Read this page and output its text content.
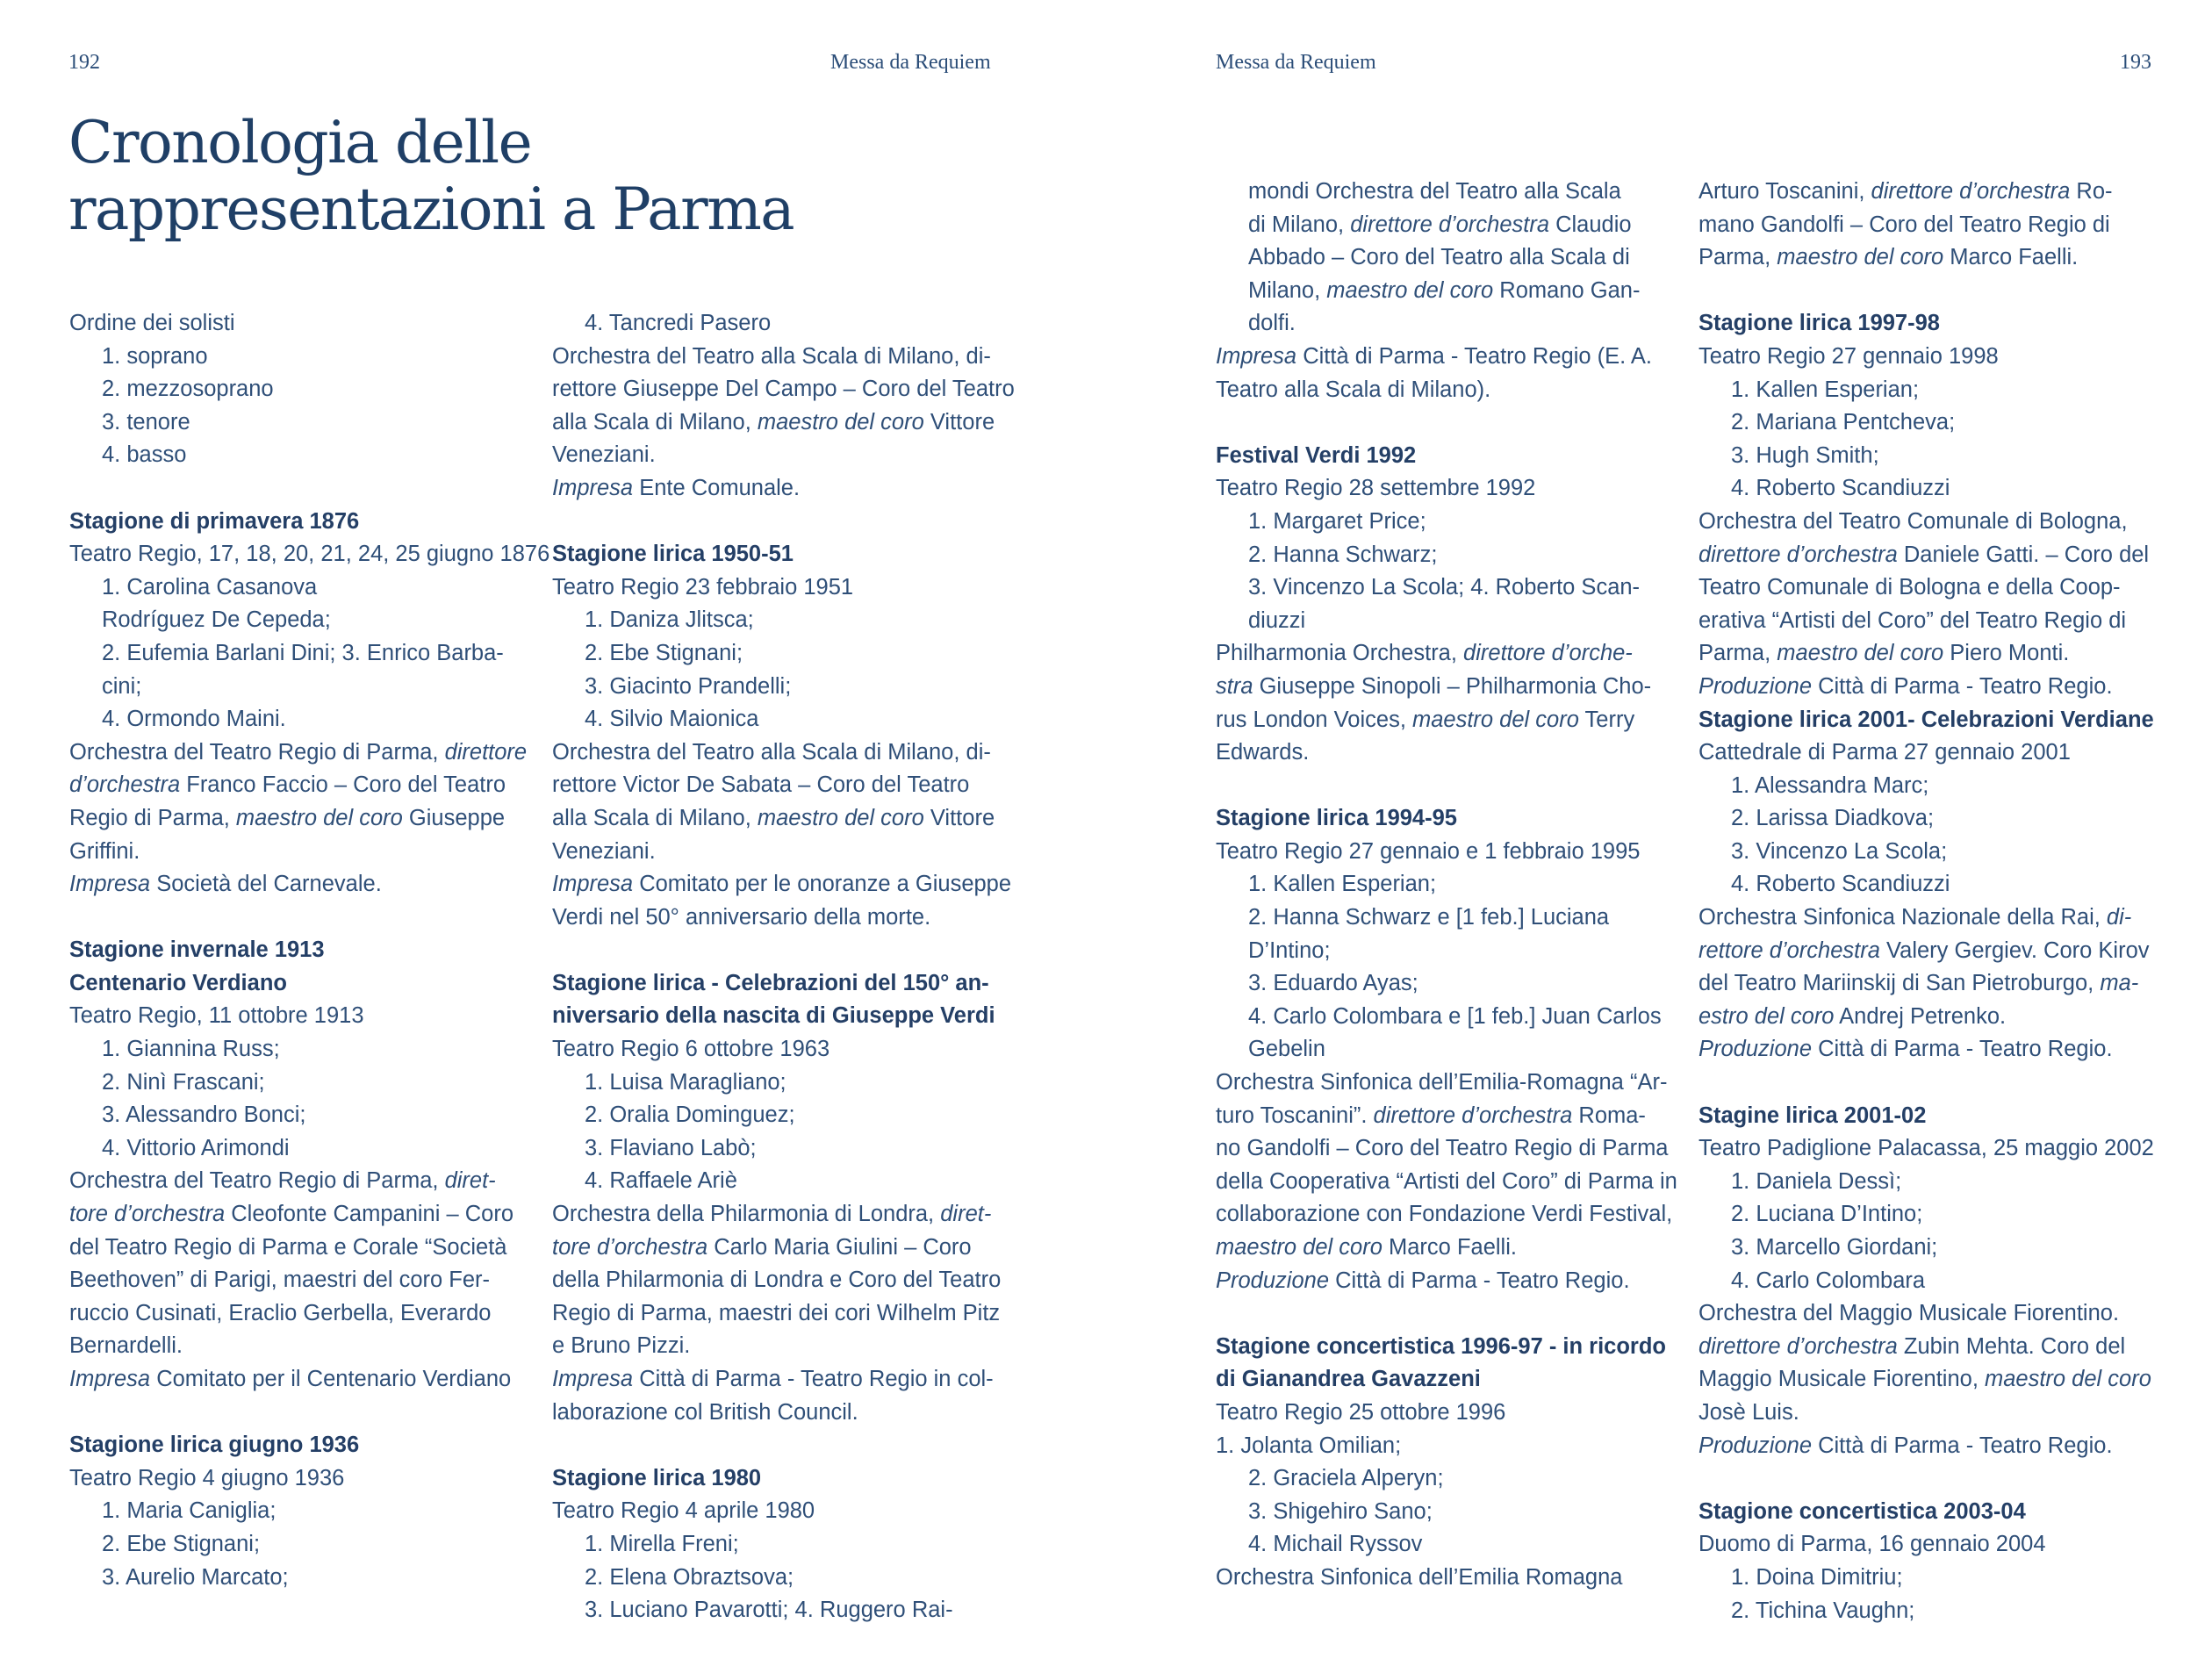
192	Messa da Requiem	Messa da Requiem	193
Cronologia delle
rappresentazioni a Parma
Ordine dei solisti
1. soprano
2. mezzosoprano
3. tenore
4. basso
Stagione di primavera 1876
Teatro Regio, 17, 18, 20, 21, 24, 25 giugno 1876
1. Carolina Casanova
Rodríguez De Cepeda;
2. Eufemia Barlani Dini; 3. Enrico Barba-
cini;
4. Ormondo Maini.
Orchestra del Teatro Regio di Parma, direttore
d’orchestra Franco Faccio – Coro del Teatro
Regio di Parma, maestro del coro Giuseppe
Griffini.
Impresa Società del Carnevale.
Stagione invernale 1913
Centenario Verdiano
Teatro Regio, 11 ottobre 1913
1. Giannina Russ;
2. Ninì Frascani;
3. Alessandro Bonci;
4. Vittorio Arimondi
Orchestra del Teatro Regio di Parma, diret-
tore d’orchestra Cleofonte Campanini – Coro
del Teatro Regio di Parma e Corale “Società
Beethoven” di Parigi, maestri del coro Fer-
ruccio Cusinati, Eraclio Gerbella, Everardo
Bernardelli.
Impresa Comitato per il Centenario Verdiano
Stagione lirica giugno 1936
Teatro Regio 4 giugno 1936
1. Maria Caniglia;
2. Ebe Stignani;
3. Aurelio Marcato;
4. Tancredi Pasero
Orchestra del Teatro alla Scala di Milano, di-
rettore Giuseppe Del Campo – Coro del Teatro
alla Scala di Milano, maestro del coro Vittore
Veneziani.
Impresa Ente Comunale.
Stagione lirica 1950-51
Teatro Regio 23 febbraio 1951
1. Daniza Jlitsca;
2. Ebe Stignani;
3. Giacinto Prandelli;
4. Silvio Maionica
Orchestra del Teatro alla Scala di Milano, di-
rettore Victor De Sabata – Coro del Teatro
alla Scala di Milano, maestro del coro Vittore
Veneziani.
Impresa Comitato per le onoranze a Giuseppe
Verdi nel 50° anniversario della morte.
Stagione lirica - Celebrazioni del 150° an-
niversario della nascita di Giuseppe Verdi
Teatro Regio 6 ottobre 1963
1. Luisa Maragliano;
2. Oralia Dominguez;
3. Flaviano Labò;
4. Raffaele Ariè
Orchestra della Philarmonia di Londra, diret-
tore d’orchestra Carlo Maria Giulini – Coro
della Philarmonia di Londra e Coro del Teatro
Regio di Parma, maestri dei cori Wilhelm Pitz
e Bruno Pizzi.
Impresa Città di Parma - Teatro Regio in col-
laborazione col British Council.
Stagione lirica 1980
Teatro Regio 4 aprile 1980
1. Mirella Freni;
2. Elena Obraztsova;
3. Luciano Pavarotti; 4. Ruggero Rai-
mondi Orchestra del Teatro alla Scala
di Milano, direttore d’orchestra Claudio
Abbado – Coro del Teatro alla Scala di
Milano, maestro del coro Romano Gan-
dolfi.
Impresa Città di Parma - Teatro Regio (E. A.
Teatro alla Scala di Milano).
Festival Verdi 1992
Teatro Regio 28 settembre 1992
1. Margaret Price;
2. Hanna Schwarz;
3. Vincenzo La Scola; 4. Roberto Scan-
diuzzi
Philharmonia Orchestra, direttore d’orche-
stra Giuseppe Sinopoli – Philharmonia Cho-
rus London Voices, maestro del coro Terry
Edwards.
Stagione lirica 1994-95
Teatro Regio 27 gennaio e 1 febbraio 1995
1. Kallen Esperian;
2. Hanna Schwarz e [1 feb.] Luciana
D’Intino;
3. Eduardo Ayas;
4. Carlo Colombara e [1 feb.] Juan Carlos
Gebelin
Orchestra Sinfonica dell’Emilia-Romagna “Ar-
turo Toscanini”. direttore d’orchestra Roma-
no Gandolfi – Coro del Teatro Regio di Parma
della Cooperativa “Artisti del Coro” di Parma in
collaborazione con Fondazione Verdi Festival,
maestro del coro Marco Faelli.
Produzione Città di Parma - Teatro Regio.
Stagione concertistica 1996-97 - in ricordo
di Gianandrea Gavazzeni
Teatro Regio 25 ottobre 1996
1. Jolanta Omilian;
2. Graciela Alperyn;
3. Shigehiro Sano;
4. Michail Ryssov
Orchestra Sinfonica dell’Emilia Romagna
Arturo Toscanini, direttore d’orchestra Ro-
mano Gandolfi – Coro del Teatro Regio di
Parma, maestro del coro Marco Faelli.
Stagione lirica 1997-98
Teatro Regio 27 gennaio 1998
1. Kallen Esperian;
2. Mariana Pentcheva;
3. Hugh Smith;
4. Roberto Scandiuzzi
Orchestra del Teatro Comunale di Bologna,
direttore d’orchestra Daniele Gatti. – Coro del
Teatro Comunale di Bologna e della Coop-
erativa “Artisti del Coro” del Teatro Regio di
Parma, maestro del coro Piero Monti.
Produzione Città di Parma - Teatro Regio.
Stagione lirica 2001- Celebrazioni Verdiane
Cattedrale di Parma 27 gennaio 2001
1. Alessandra Marc;
2. Larissa Diadkova;
3. Vincenzo La Scola;
4. Roberto Scandiuzzi
Orchestra Sinfonica Nazionale della Rai, di-
rettore d’orchestra Valery Gergiev. Coro Kirov
del Teatro Mariinskij di San Pietroburgo, ma-
estro del coro Andrej Petrenko.
Produzione Città di Parma - Teatro Regio.
Stagine lirica 2001-02
Teatro Padiglione Palacassa, 25 maggio 2002
1. Daniela Dessì;
2. Luciana D’Intino;
3. Marcello Giordani;
4. Carlo Colombara
Orchestra del Maggio Musicale Fiorentino.
direttore d’orchestra Zubin Mehta. Coro del
Maggio Musicale Fiorentino, maestro del coro
Josè Luis.
Produzione Città di Parma - Teatro Regio.
Stagione concertistica 2003-04
Duomo di Parma, 16 gennaio 2004
1. Doina Dimitriu;
2. Tichina Vaughn;
